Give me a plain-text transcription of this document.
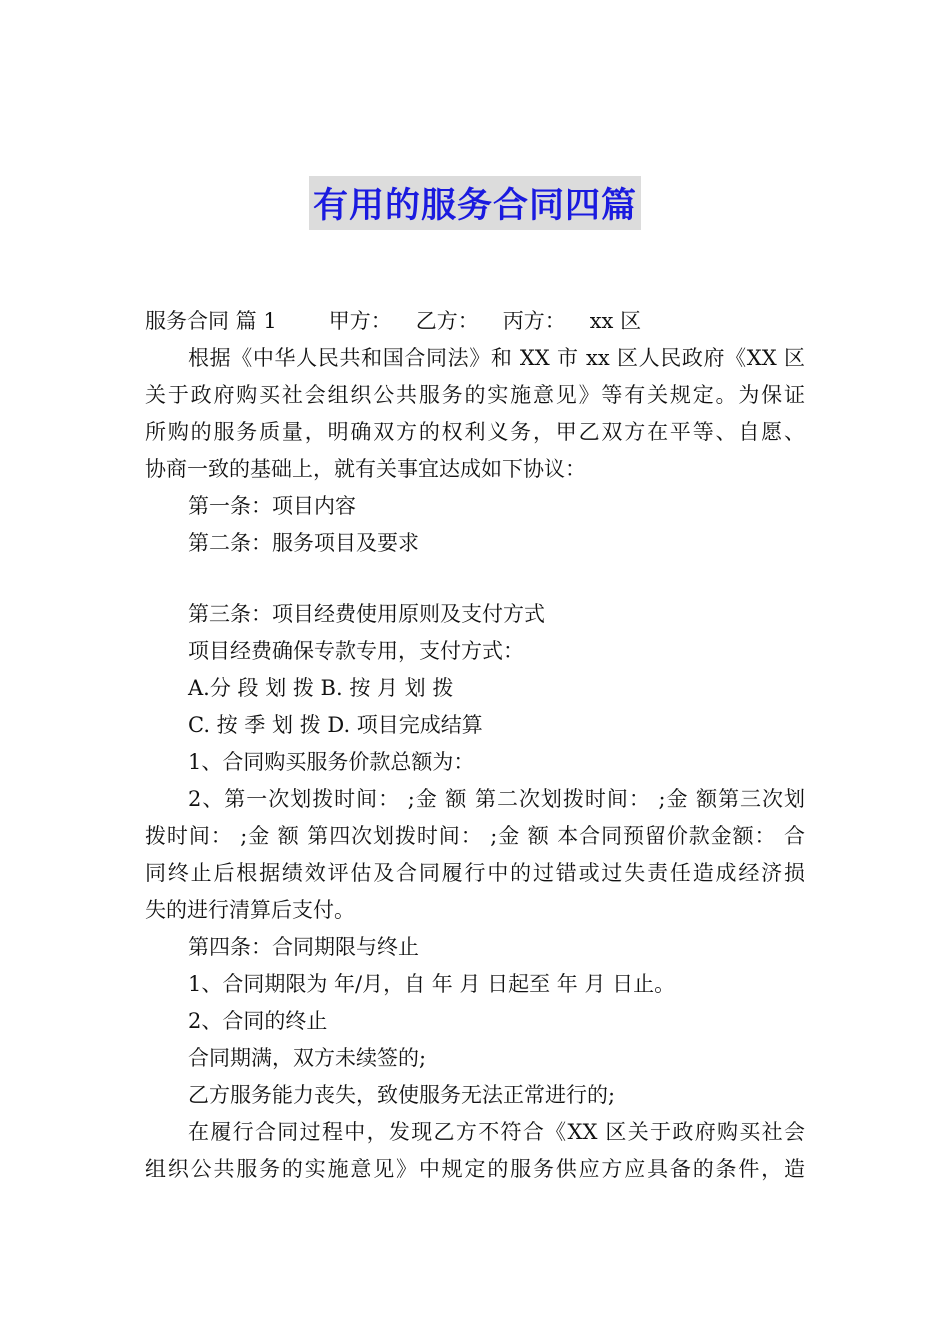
有用的服务合同四篇
服务合同 篇 1 甲方： 乙方： 丙方： xx 区
根据《中华人民共和国合同法》和 XX 市 xx 区人民政府《XX 区
关于政府购买社会组织公共服务的实施意见》等有关规定。为保证
所购的服务质量，明确双方的权利义务，甲乙双方在平等、自愿、
协商一致的基础上，就有关事宜达成如下协议：
第一条：项目内容
第二条：服务项目及要求
第三条：项目经费使用原则及支付方式
项目经费确保专款专用，支付方式：
A.分 段 划 拨 B. 按 月 划 拨
C. 按 季 划 拨 D. 项目完成结算
1、合同购买服务价款总额为：
2、第一次划拨时间： ;金 额 第二次划拨时间： ;金 额第三次划
拨时间： ;金 额 第四次划拨时间： ;金 额 本合同预留价款金额： 合
同终止后根据绩效评估及合同履行中的过错或过失责任造成经济损
失的进行清算后支付。
第四条：合同期限与终止
1、合同期限为 年/月，自 年 月 日起至 年 月 日止。
2、合同的终止
合同期满，双方未续签的;
乙方服务能力丧失，致使服务无法正常进行的;
在履行合同过程中，发现乙方不符合《XX 区关于政府购买社会
组织公共服务的实施意见》中规定的服务供应方应具备的条件，造
